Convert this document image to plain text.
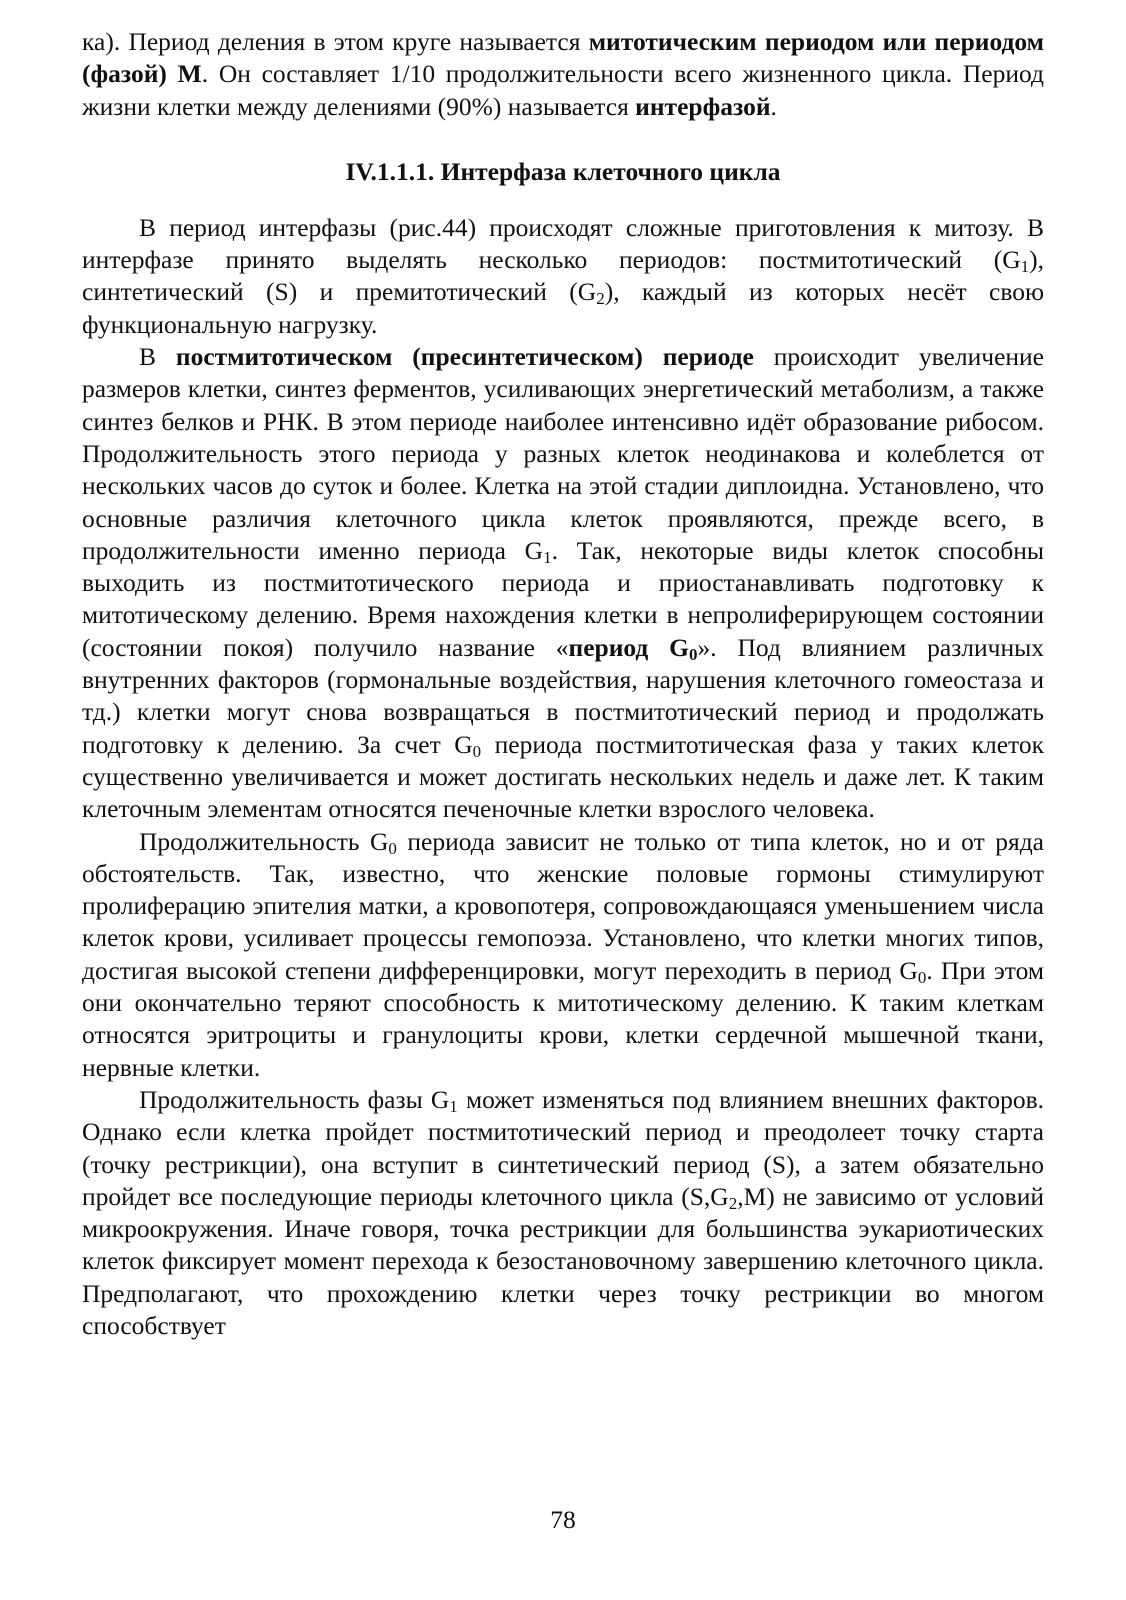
ка). Период деления в этом круге называется митотическим периодом или периодом (фазой) М. Он составляет 1/10 продолжительности всего жизненного цикла. Период жизни клетки между делениями (90%) называется интерфазой.

IV.1.1.1. Интерфаза клеточного цикла

В период интерфазы (рис.44) происходят сложные приготовления к митозу. В интерфазе принято выделять несколько периодов: постмитотический $(G_1)$, синтетический (S) и премитотический $(G_2)$, каждый из которых несёт свою функциональную нагрузку.

В постмитотическом (пресинтетическом) периоде происходит увеличение размеров клетки, синтез ферментов, усиливающих энергетический метаболизм, а также синтез белков и РНК. В этом периоде наиболее интенсивно идёт образование рибосом. Продолжительность этого периода у разных клеток неодинакова и колеблется от нескольких часов до суток и более. Клетка на этой стадии диплоидна. Установлено, что основные различия клеточного цикла клеток проявляются, прежде всего, в продолжительности именно периода $G_1$. Так, некоторые виды клеток способны выходить из постмитотического периода и приостанавливать подготовку к митотическому делению. Время нахождения клетки в непролиферирующем состоянии (состоянии покоя) получило название «период $G_0$». Под влиянием различных внутренних факторов (гормональные воздействия, нарушения клеточного гомеостаза и тд.) клетки могут снова возвращаться в постмитотический период и продолжать подготовку к делению. За счет $G_0$ периода постмитотическая фаза у таких клеток существенно увеличивается и может достигать нескольких недель и даже лет. К таким клеточным элементам относятся печеночные клетки взрослого человека.

Продолжительность $G_0$ периода зависит не только от типа клеток, но и от ряда обстоятельств. Так, известно, что женские половые гормоны стимулируют пролиферацию эпителия матки, а кровопотеря, сопровождающаяся уменьшением числа клеток крови, усиливает процессы гемопоэза. Установлено, что клетки многих типов, достигая высокой степени дифференцировки, могут переходить в период $G_0$. При этом они окончательно теряют способность к митотическому делению. К таким клеткам относятся эритроциты и гранулоциты крови, клетки сердечной мышечной ткани, нервные клетки.

Продолжительность фазы $G_1$ может изменяться под влиянием внешних факторов. Однако если клетка пройдет постмитотический период и преодолеет точку старта (точку рестрикции), она вступит в синтетический период (S), а затем обязательно пройдет все последующие периоды клеточного цикла $(S,G_2,M)$ не зависимо от условий микроокружения. Иначе говоря, точка рестрикции для большинства эукариотических клеток фиксирует момент перехода к безостановочному завершению клеточного цикла. Предполагают, что прохождению клетки через точку рестрикции во многом способствует

78
